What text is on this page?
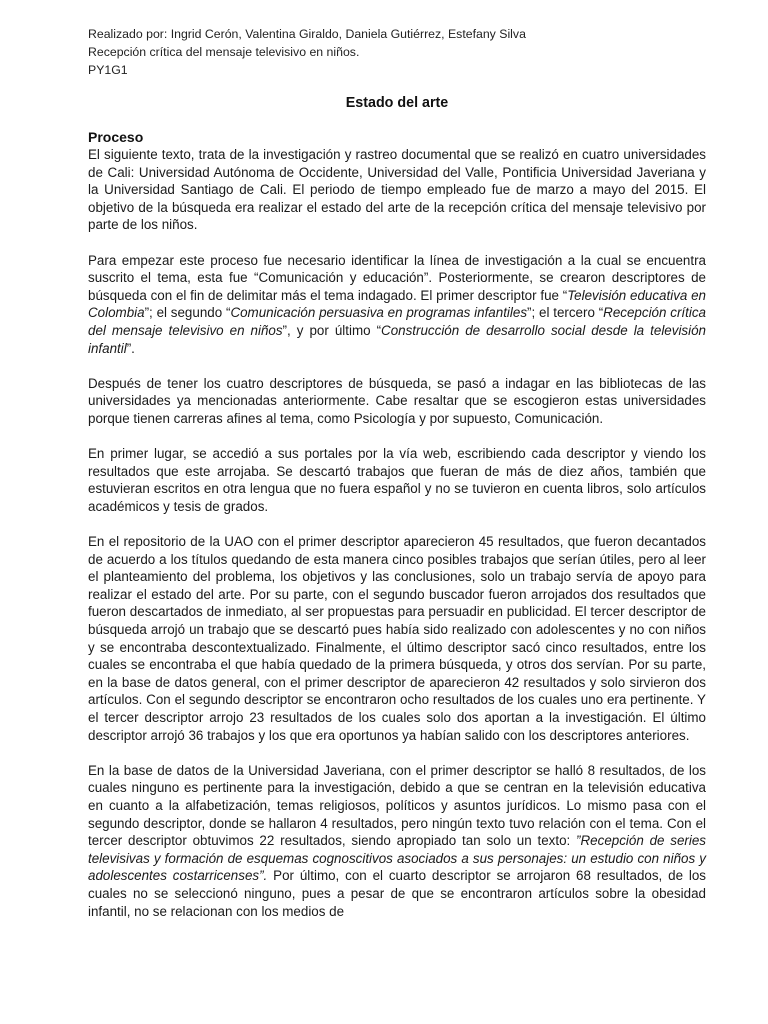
Realizado por: Ingrid Cerón, Valentina Giraldo, Daniela Gutiérrez, Estefany Silva
Recepción crítica del mensaje televisivo en niños.
PY1G1
Estado del arte
Proceso

El siguiente texto, trata de la investigación y rastreo documental que se realizó en cuatro universidades de Cali: Universidad Autónoma de Occidente, Universidad del Valle, Pontificia Universidad Javeriana y la Universidad Santiago de Cali. El periodo de tiempo empleado fue de marzo a mayo del 2015. El objetivo de la búsqueda era realizar el estado del arte de la recepción crítica del mensaje televisivo por parte de los niños.

Para empezar este proceso fue necesario identificar la línea de investigación a la cual se encuentra suscrito el tema, esta fue “Comunicación y educación”. Posteriormente, se crearon descriptores de búsqueda con el fin de delimitar más el tema indagado. El primer descriptor fue “Televisión educativa en Colombia”; el segundo “Comunicación persuasiva en programas infantiles”; el tercero “Recepción crítica del mensaje televisivo en niños”, y por último “Construcción de desarrollo social desde la televisión infantil”.

Después de tener los cuatro descriptores de búsqueda, se pasó a indagar en las bibliotecas de las universidades ya mencionadas anteriormente. Cabe resaltar que se escogieron estas universidades porque tienen carreras afines al tema, como Psicología y por supuesto, Comunicación.

En primer lugar, se accedió a sus portales por la vía web, escribiendo cada descriptor y viendo los resultados que este arrojaba. Se descartó trabajos que fueran de más de diez años, también que estuvieran escritos en otra lengua que no fuera español y no se tuvieron en cuenta libros, solo artículos académicos y tesis de grados.

En el repositorio de la UAO con el primer descriptor aparecieron 45 resultados, que fueron decantados de acuerdo a los títulos quedando de esta manera cinco posibles trabajos que serían útiles, pero al leer el planteamiento del problema, los objetivos y las conclusiones, solo un trabajo servía de apoyo para realizar el estado del arte. Por su parte, con el segundo buscador fueron arrojados dos resultados que fueron descartados de inmediato, al ser propuestas para persuadir en publicidad. El tercer descriptor de búsqueda arrojó un trabajo que se descartó pues había sido realizado con adolescentes y no con niños y se encontraba descontextualizado. Finalmente, el último descriptor sacó cinco resultados, entre los cuales se encontraba el que había quedado de la primera búsqueda, y otros dos servían. Por su parte, en la base de datos general, con el primer descriptor de aparecieron 42 resultados y solo sirvieron dos artículos. Con el segundo descriptor se encontraron ocho resultados de los cuales uno era pertinente. Y el tercer descriptor arrojo 23 resultados de los cuales solo dos aportan a la investigación. El último descriptor arrojó 36 trabajos y los que era oportunos ya habían salido con los descriptores anteriores.

En la base de datos de la Universidad Javeriana, con el primer descriptor se halló 8 resultados, de los cuales ninguno es pertinente para la investigación, debido a que se centran en la televisión educativa en cuanto a la alfabetización, temas religiosos, políticos y asuntos jurídicos. Lo mismo pasa con el segundo descriptor, donde se hallaron 4 resultados, pero ningún texto tuvo relación con el tema. Con el tercer descriptor obtuvimos 22 resultados, siendo apropiado tan solo un texto: ”Recepción de series televisivas y formación de esquemas cognoscitivos asociados a sus personajes: un estudio con niños y adolescentes costarricenses”. Por último, con el cuarto descriptor se arrojaron 68 resultados, de los cuales no se seleccionó ninguno, pues a pesar de que se encontraron artículos sobre la obesidad infantil, no se relacionan con los medios de
